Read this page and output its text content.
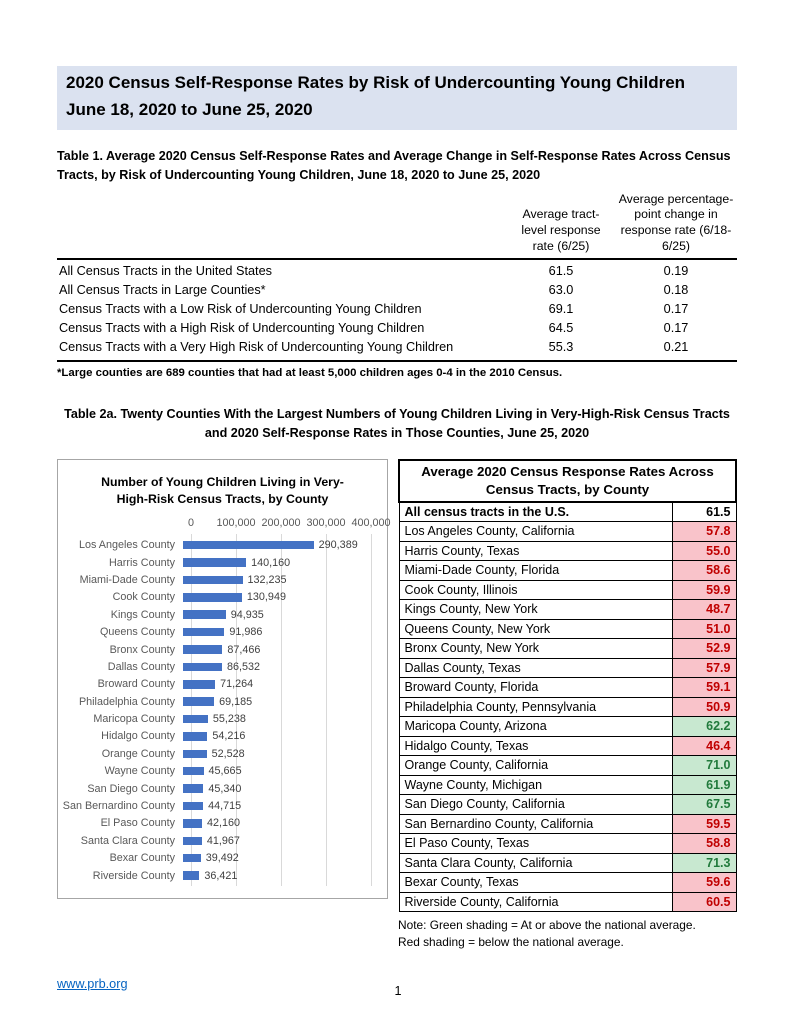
2020 Census Self-Response Rates by Risk of Undercounting Young Children
June 18, 2020 to June 25, 2020
Table 1. Average 2020 Census Self-Response Rates and Average Change in Self-Response Rates Across Census Tracts, by Risk of Undercounting Young Children, June 18, 2020 to June 25, 2020
Average tract-level response rate (6/25)
Average percentage-point change in response rate (6/18-6/25)
All Census Tracts in the United States	61.5	0.19
All Census Tracts in Large Counties*	63.0	0.18
Census Tracts with a Low Risk of Undercounting Young Children	69.1	0.17
Census Tracts with a High Risk of Undercounting Young Children	64.5	0.17
Census Tracts with a Very High Risk of Undercounting Young Children	55.3	0.21
*Large counties are 689 counties that had at least 5,000 children ages 0-4 in the 2010 Census.
Table 2a. Twenty Counties With the Largest Numbers of Young Children Living in Very-High-Risk Census Tracts
and 2020 Self-Response Rates in Those Counties, June 25, 2020
Number of Young Children Living in Very-
High-Risk Census Tracts, by County
0 100,000 200,000 300,000 400,000
Los Angeles County	290,389
Harris County	140,160
Miami-Dade County	132,235
Cook County	130,949
Kings County	94,935
Queens County	91,986
Bronx County	87,466
Dallas County	86,532
Broward County	71,264
Philadelphia County	69,185
Maricopa County	55,238
Hidalgo County	54,216
Orange County	52,528
Wayne County	45,665
San Diego County	45,340
San Bernardino County	44,715
El Paso County	42,160
Santa Clara County	41,967
Bexar County	39,492
Riverside County	36,421
Average 2020 Census Response Rates Across
Census Tracts, by County	

All census tracts in the U.S.	61.5
Los Angeles County, California	57.8
Harris County, Texas	55.0
Miami-Dade County, Florida	58.6
Cook County, Illinois	59.9
Kings County, New York	48.7
Queens County, New York	51.0
Bronx County, New York	52.9
Dallas County, Texas	57.9
Broward County, Florida	59.1
Philadelphia County, Pennsylvania	50.9
Maricopa County, Arizona	62.2
Hidalgo County, Texas	46.4
Orange County, California	71.0
Wayne County, Michigan	61.9
San Diego County, California	67.5
San Bernardino County, California	59.5
El Paso County, Texas	58.8
Santa Clara County, California	71.3
Bexar County, Texas	59.6
Riverside County, California	60.5
Note: Green shading = At or above the national average.
Red shading = below the national average.
www.prb.org
1
